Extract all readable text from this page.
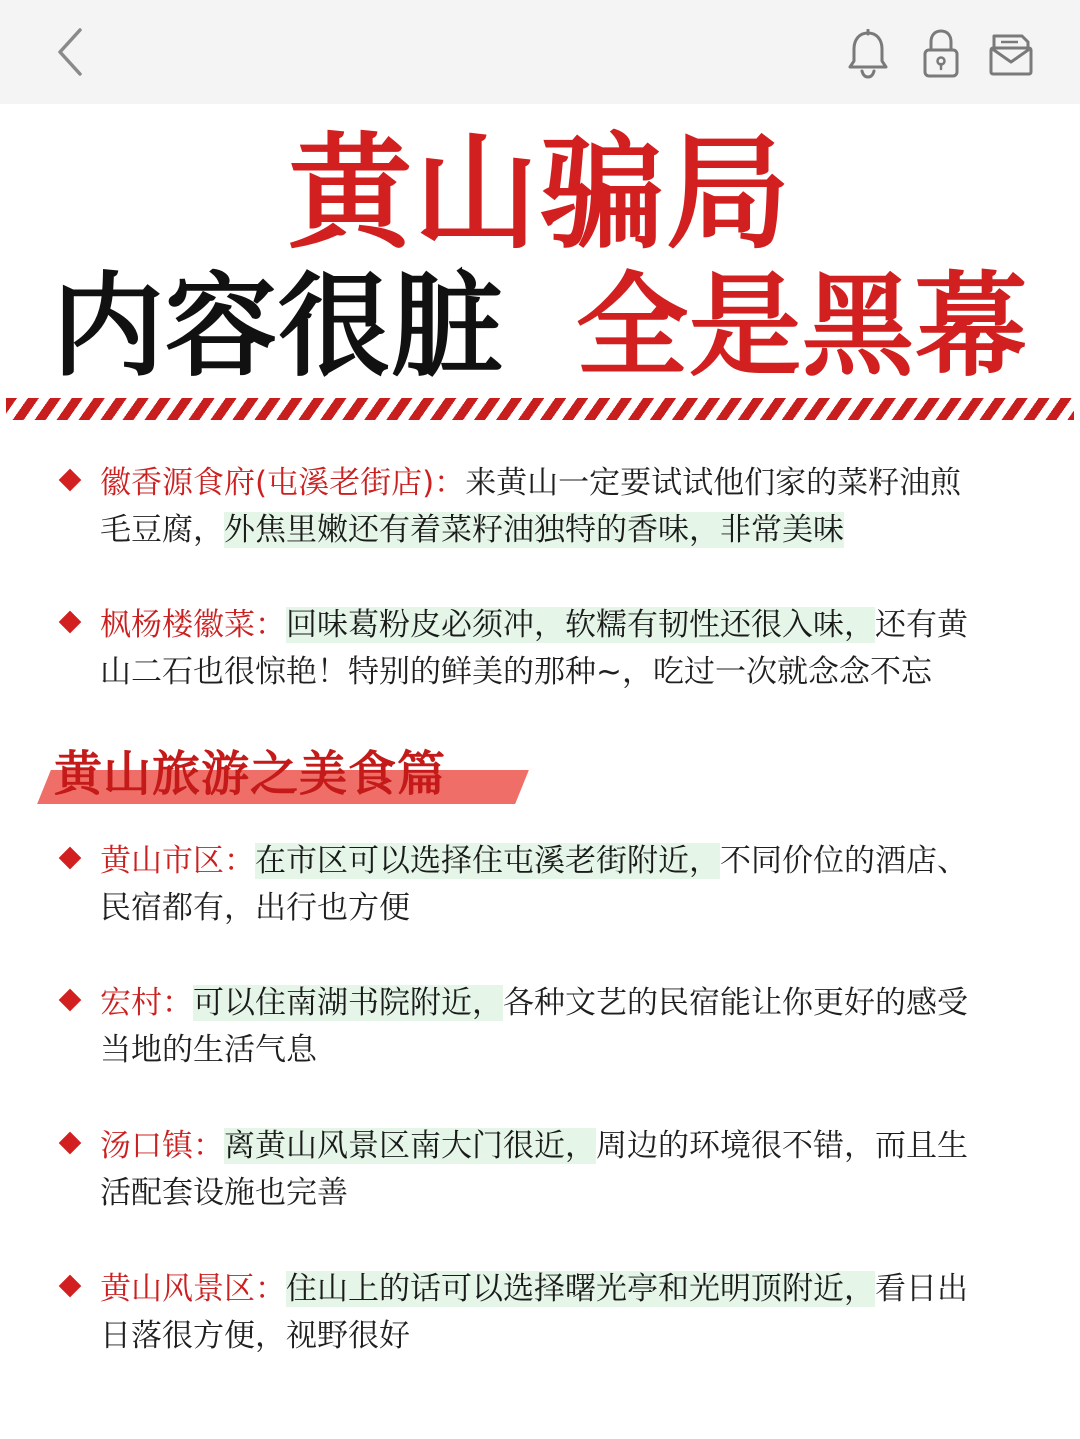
黄山骗局
内容很脏 全是黑幕
徽香源食府(屯溪老街店)：来黄山一定要试试他们家的菜籽油煎
毛豆腐，外焦里嫩还有着菜籽油独特的香味，非常美味
枫杨楼徽菜：回味葛粉皮必须冲，软糯有韧性还很入味，还有黄
山二石也很惊艳！特别的鲜美的那种~，吃过一次就念念不忘
黄山旅游之美食篇
黄山市区：在市区可以选择住屯溪老街附近，不同价位的酒店、
民宿都有，出行也方便
宏村：可以住南湖书院附近，各种文艺的民宿能让你更好的感受
当地的生活气息
汤口镇：离黄山风景区南大门很近，周边的环境很不错，而且生
活配套设施也完善
黄山风景区：住山上的话可以选择曙光亭和光明顶附近，看日出
日落很方便，视野很好
